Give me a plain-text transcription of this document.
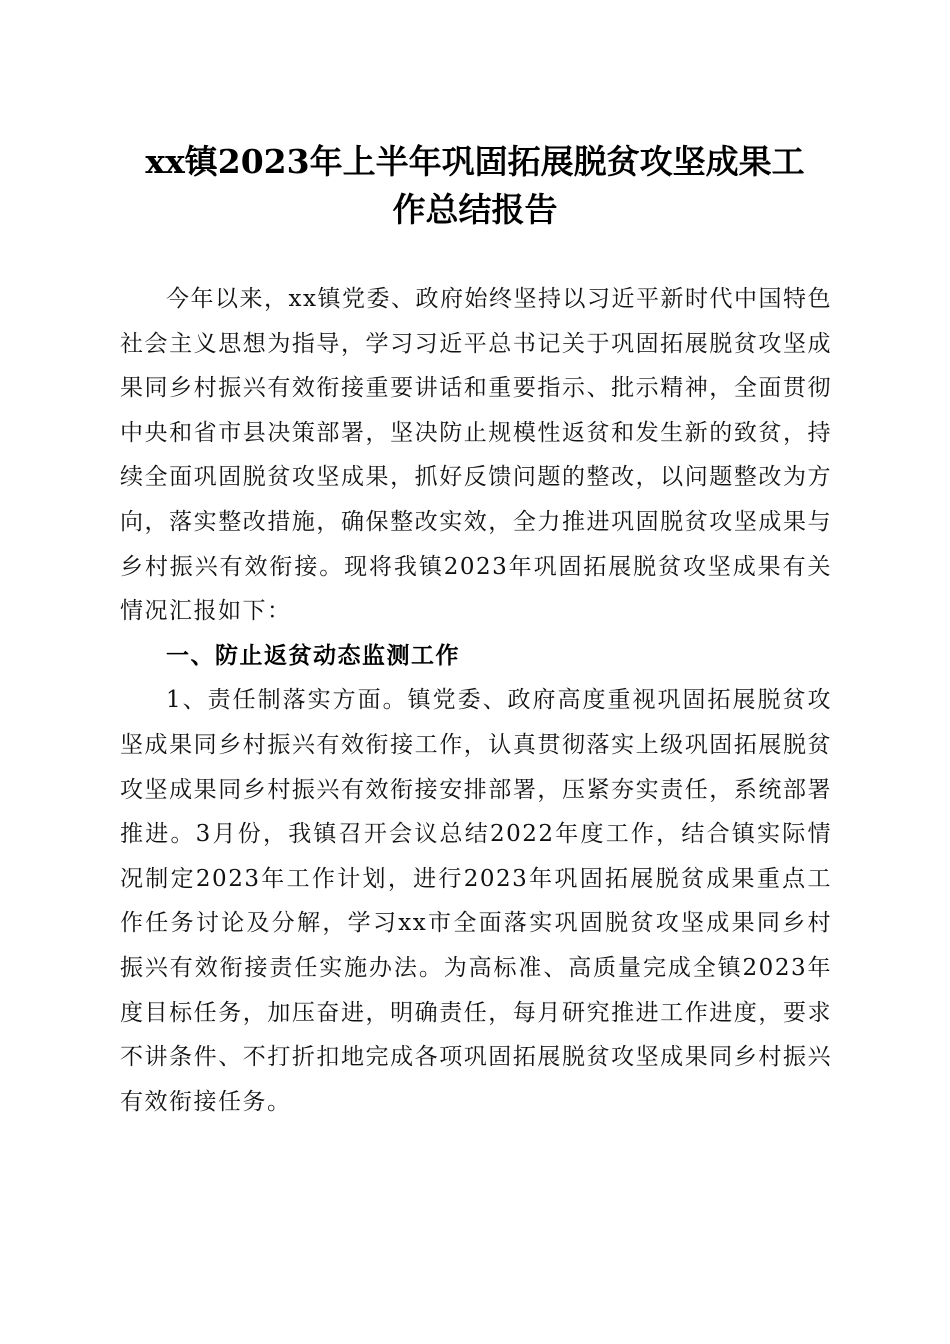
xx镇2023年上半年巩固拓展脱贫攻坚成果工
作总结报告

今年以来，xx镇党委、政府始终坚持以习近平新时代中国特色社会主义思想为指导，学习习近平总书记关于巩固拓展脱贫攻坚成果同乡村振兴有效衔接重要讲话和重要指示、批示精神，全面贯彻中央和省市县决策部署，坚决防止规模性返贫和发生新的致贫，持续全面巩固脱贫攻坚成果，抓好反馈问题的整改，以问题整改为方向，落实整改措施，确保整改实效，全力推进巩固脱贫攻坚成果与乡村振兴有效衔接。现将我镇2023年巩固拓展脱贫攻坚成果有关情况汇报如下：

一、防止返贫动态监测工作

1、责任制落实方面。镇党委、政府高度重视巩固拓展脱贫攻坚成果同乡村振兴有效衔接工作，认真贯彻落实上级巩固拓展脱贫攻坚成果同乡村振兴有效衔接安排部署，压紧夯实责任，系统部署推进。3月份，我镇召开会议总结2022年度工作，结合镇实际情况制定2023年工作计划，进行2023年巩固拓展脱贫成果重点工作任务讨论及分解，学习xx市全面落实巩固脱贫攻坚成果同乡村振兴有效衔接责任实施办法。为高标准、高质量完成全镇2023年度目标任务，加压奋进，明确责任，每月研究推进工作进度，要求不讲条件、不打折扣地完成各项巩固拓展脱贫攻坚成果同乡村振兴有效衔接任务。
